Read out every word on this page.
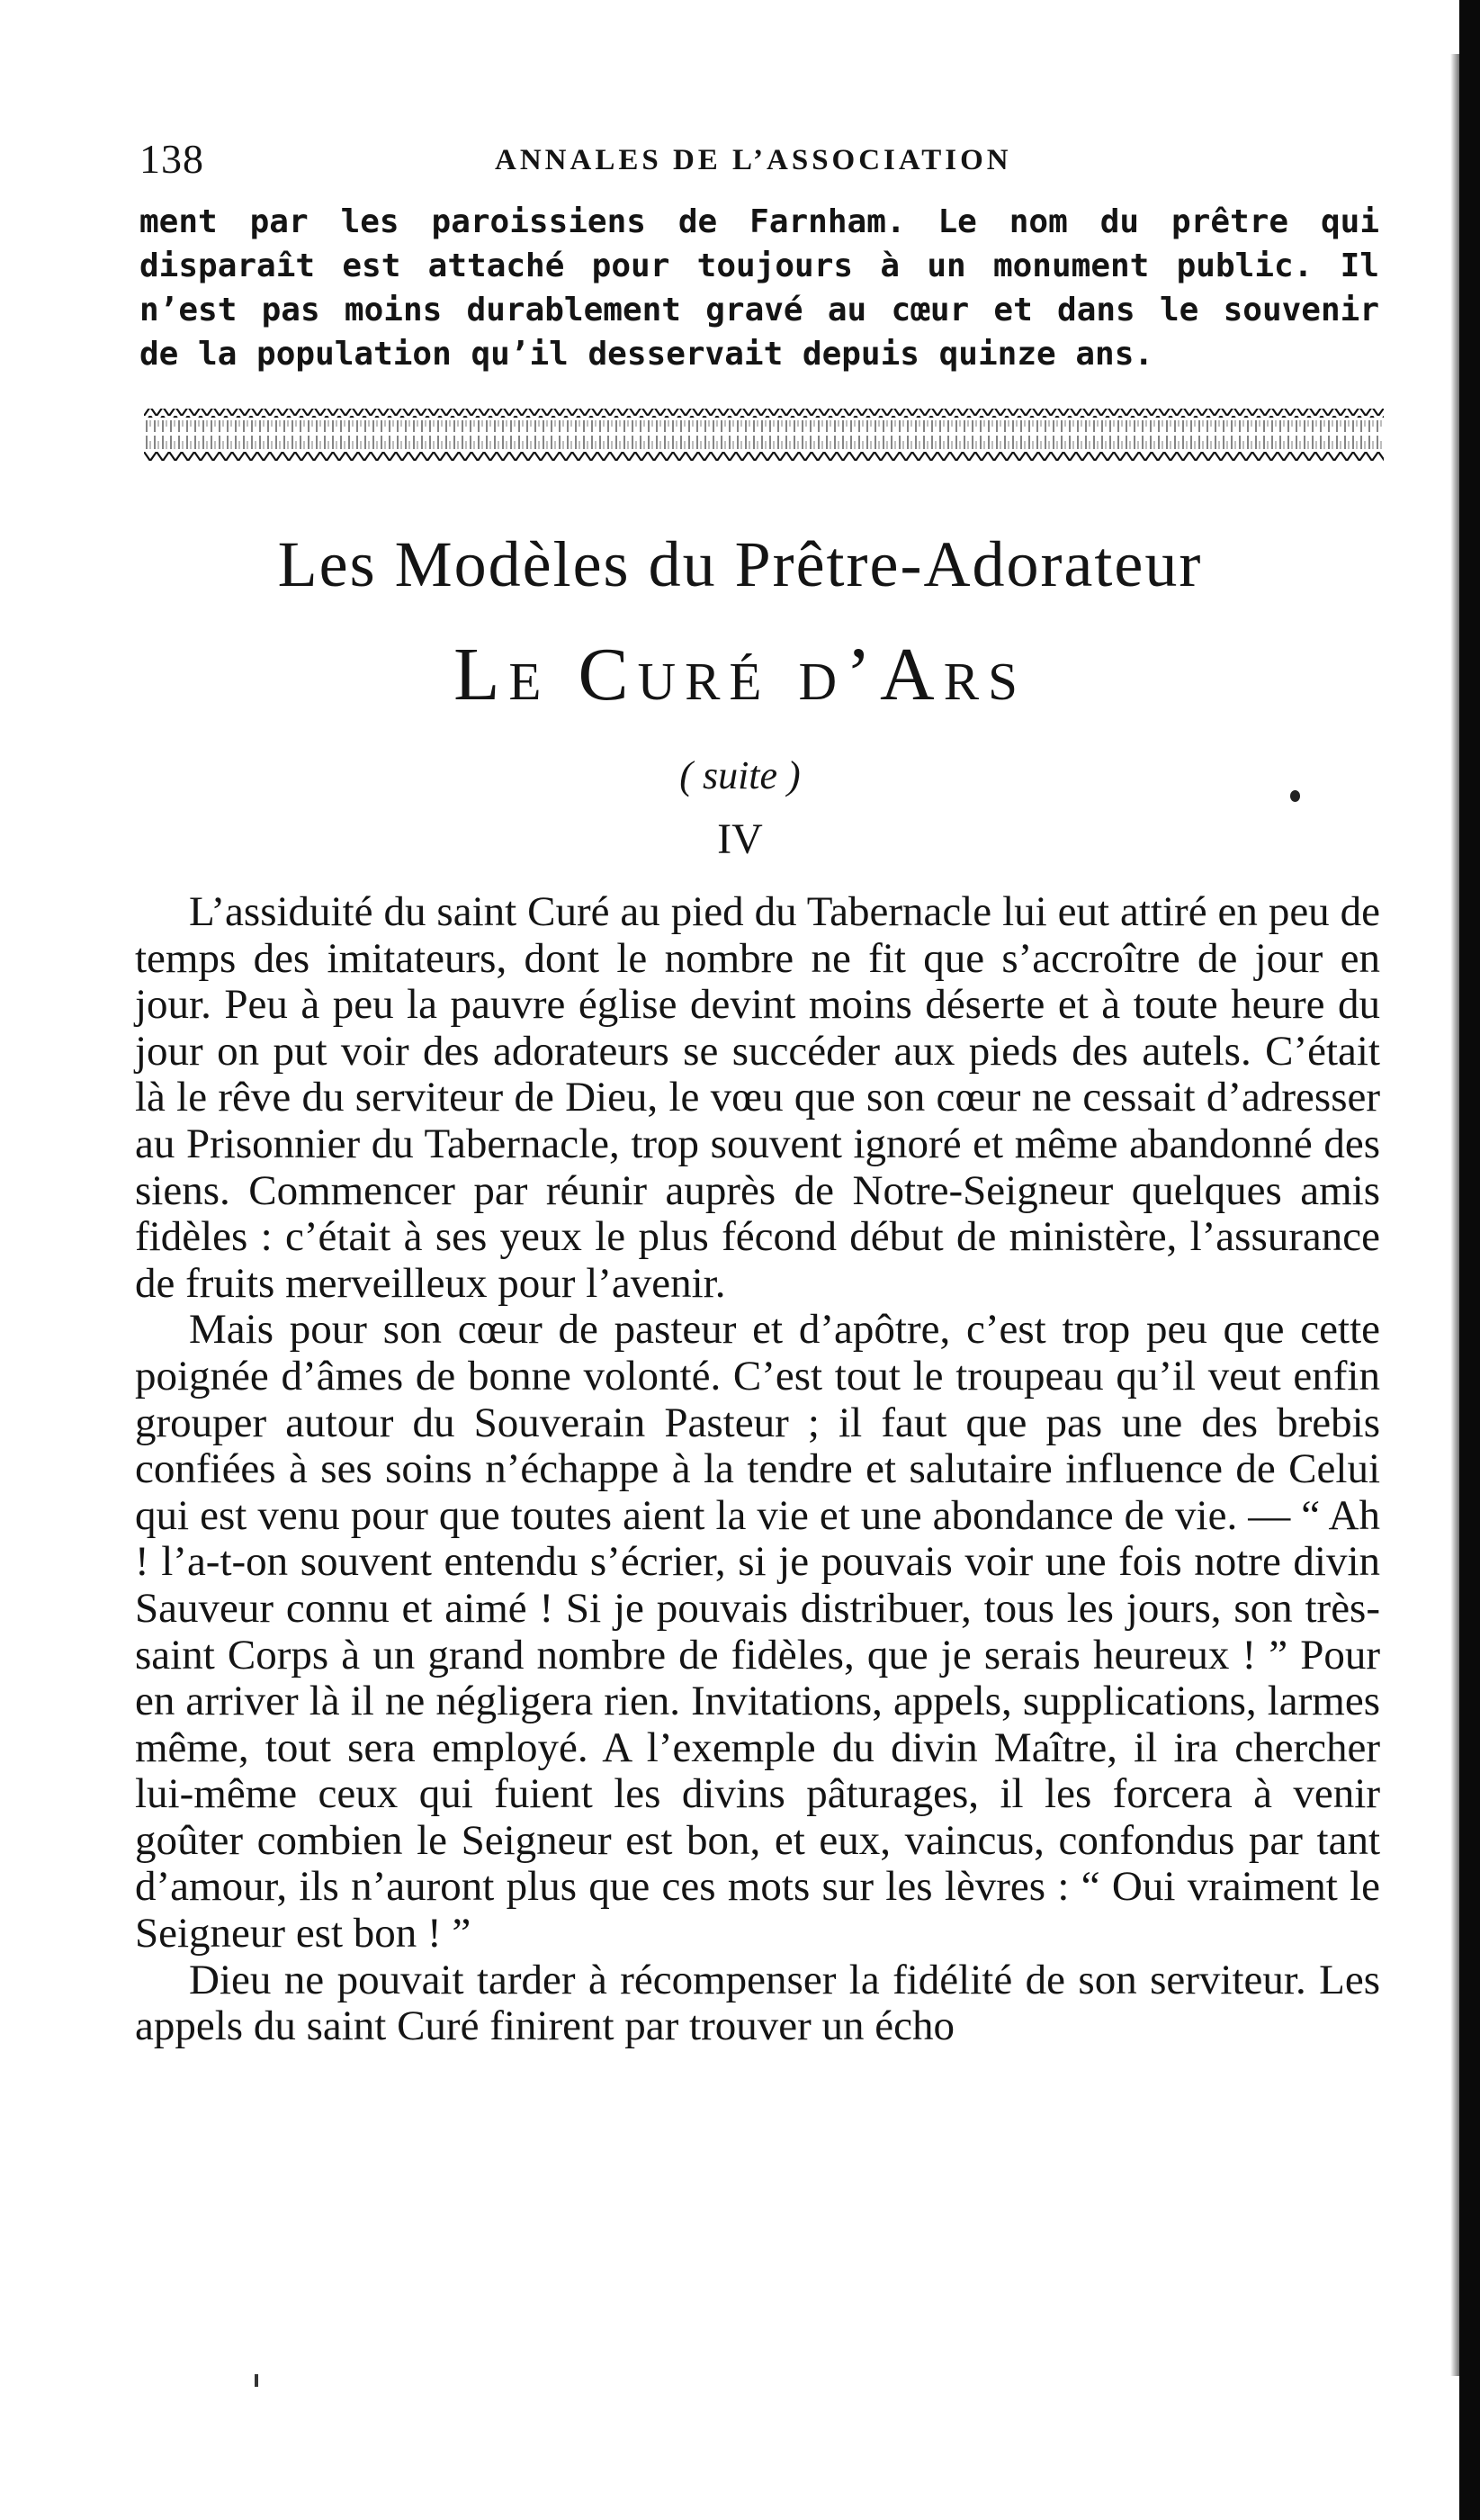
138	ANNALES DE L’ASSOCIATION
ment par les paroissiens de Farnham. Le nom du prêtre qui disparaît est attaché pour toujours à un monument public. Il n’est pas moins durablement gravé au cœur et dans le souvenir de la population qu’il desservait depuis quinze ans.
Les Modèles du Prêtre-Adorateur
Le Curé d’Ars
( suite )
IV

L’assiduité du saint Curé au pied du Tabernacle lui eut attiré en peu de temps des imitateurs, dont le nombre ne fit que s’accroître de jour en jour. Peu à peu la pauvre église devint moins déserte et à toute heure du jour on put voir des adorateurs se succéder aux pieds des autels. C’était là le rêve du serviteur de Dieu, le vœu que son cœur ne cessait d’adresser au Prisonnier du Tabernacle, trop souvent ignoré et même abandonné des siens. Commencer par réunir auprès de Notre-Seigneur quelques amis fidèles : c’était à ses yeux le plus fécond début de ministère, l’assurance de fruits merveilleux pour l’avenir.

Mais pour son cœur de pasteur et d’apôtre, c’est trop peu que cette poignée d’âmes de bonne volonté. C’est tout le troupeau qu’il veut enfin grouper autour du Souverain Pasteur ; il faut que pas une des brebis confiées à ses soins n’échappe à la tendre et salutaire influence de Celui qui est venu pour que toutes aient la vie et une abondance de vie. — “ Ah ! l’a-t-on souvent entendu s’écrier, si je pouvais voir une fois notre divin Sauveur connu et aimé ! Si je pouvais distribuer, tous les jours, son très-saint Corps à un grand nombre de fidèles, que je serais heureux ! ” Pour en arriver là il ne négligera rien. Invitations, appels, supplications, larmes même, tout sera employé. A l’exemple du divin Maître, il ira chercher lui-même ceux qui fuient les divins pâturages, il les forcera à venir goûter combien le Seigneur est bon, et eux, vaincus, confondus par tant d’amour, ils n’auront plus que ces mots sur les lèvres : “ Oui vraiment le Seigneur est bon ! ”

Dieu ne pouvait tarder à récompenser la fidélité de son serviteur. Les appels du saint Curé finirent par trouver un écho
